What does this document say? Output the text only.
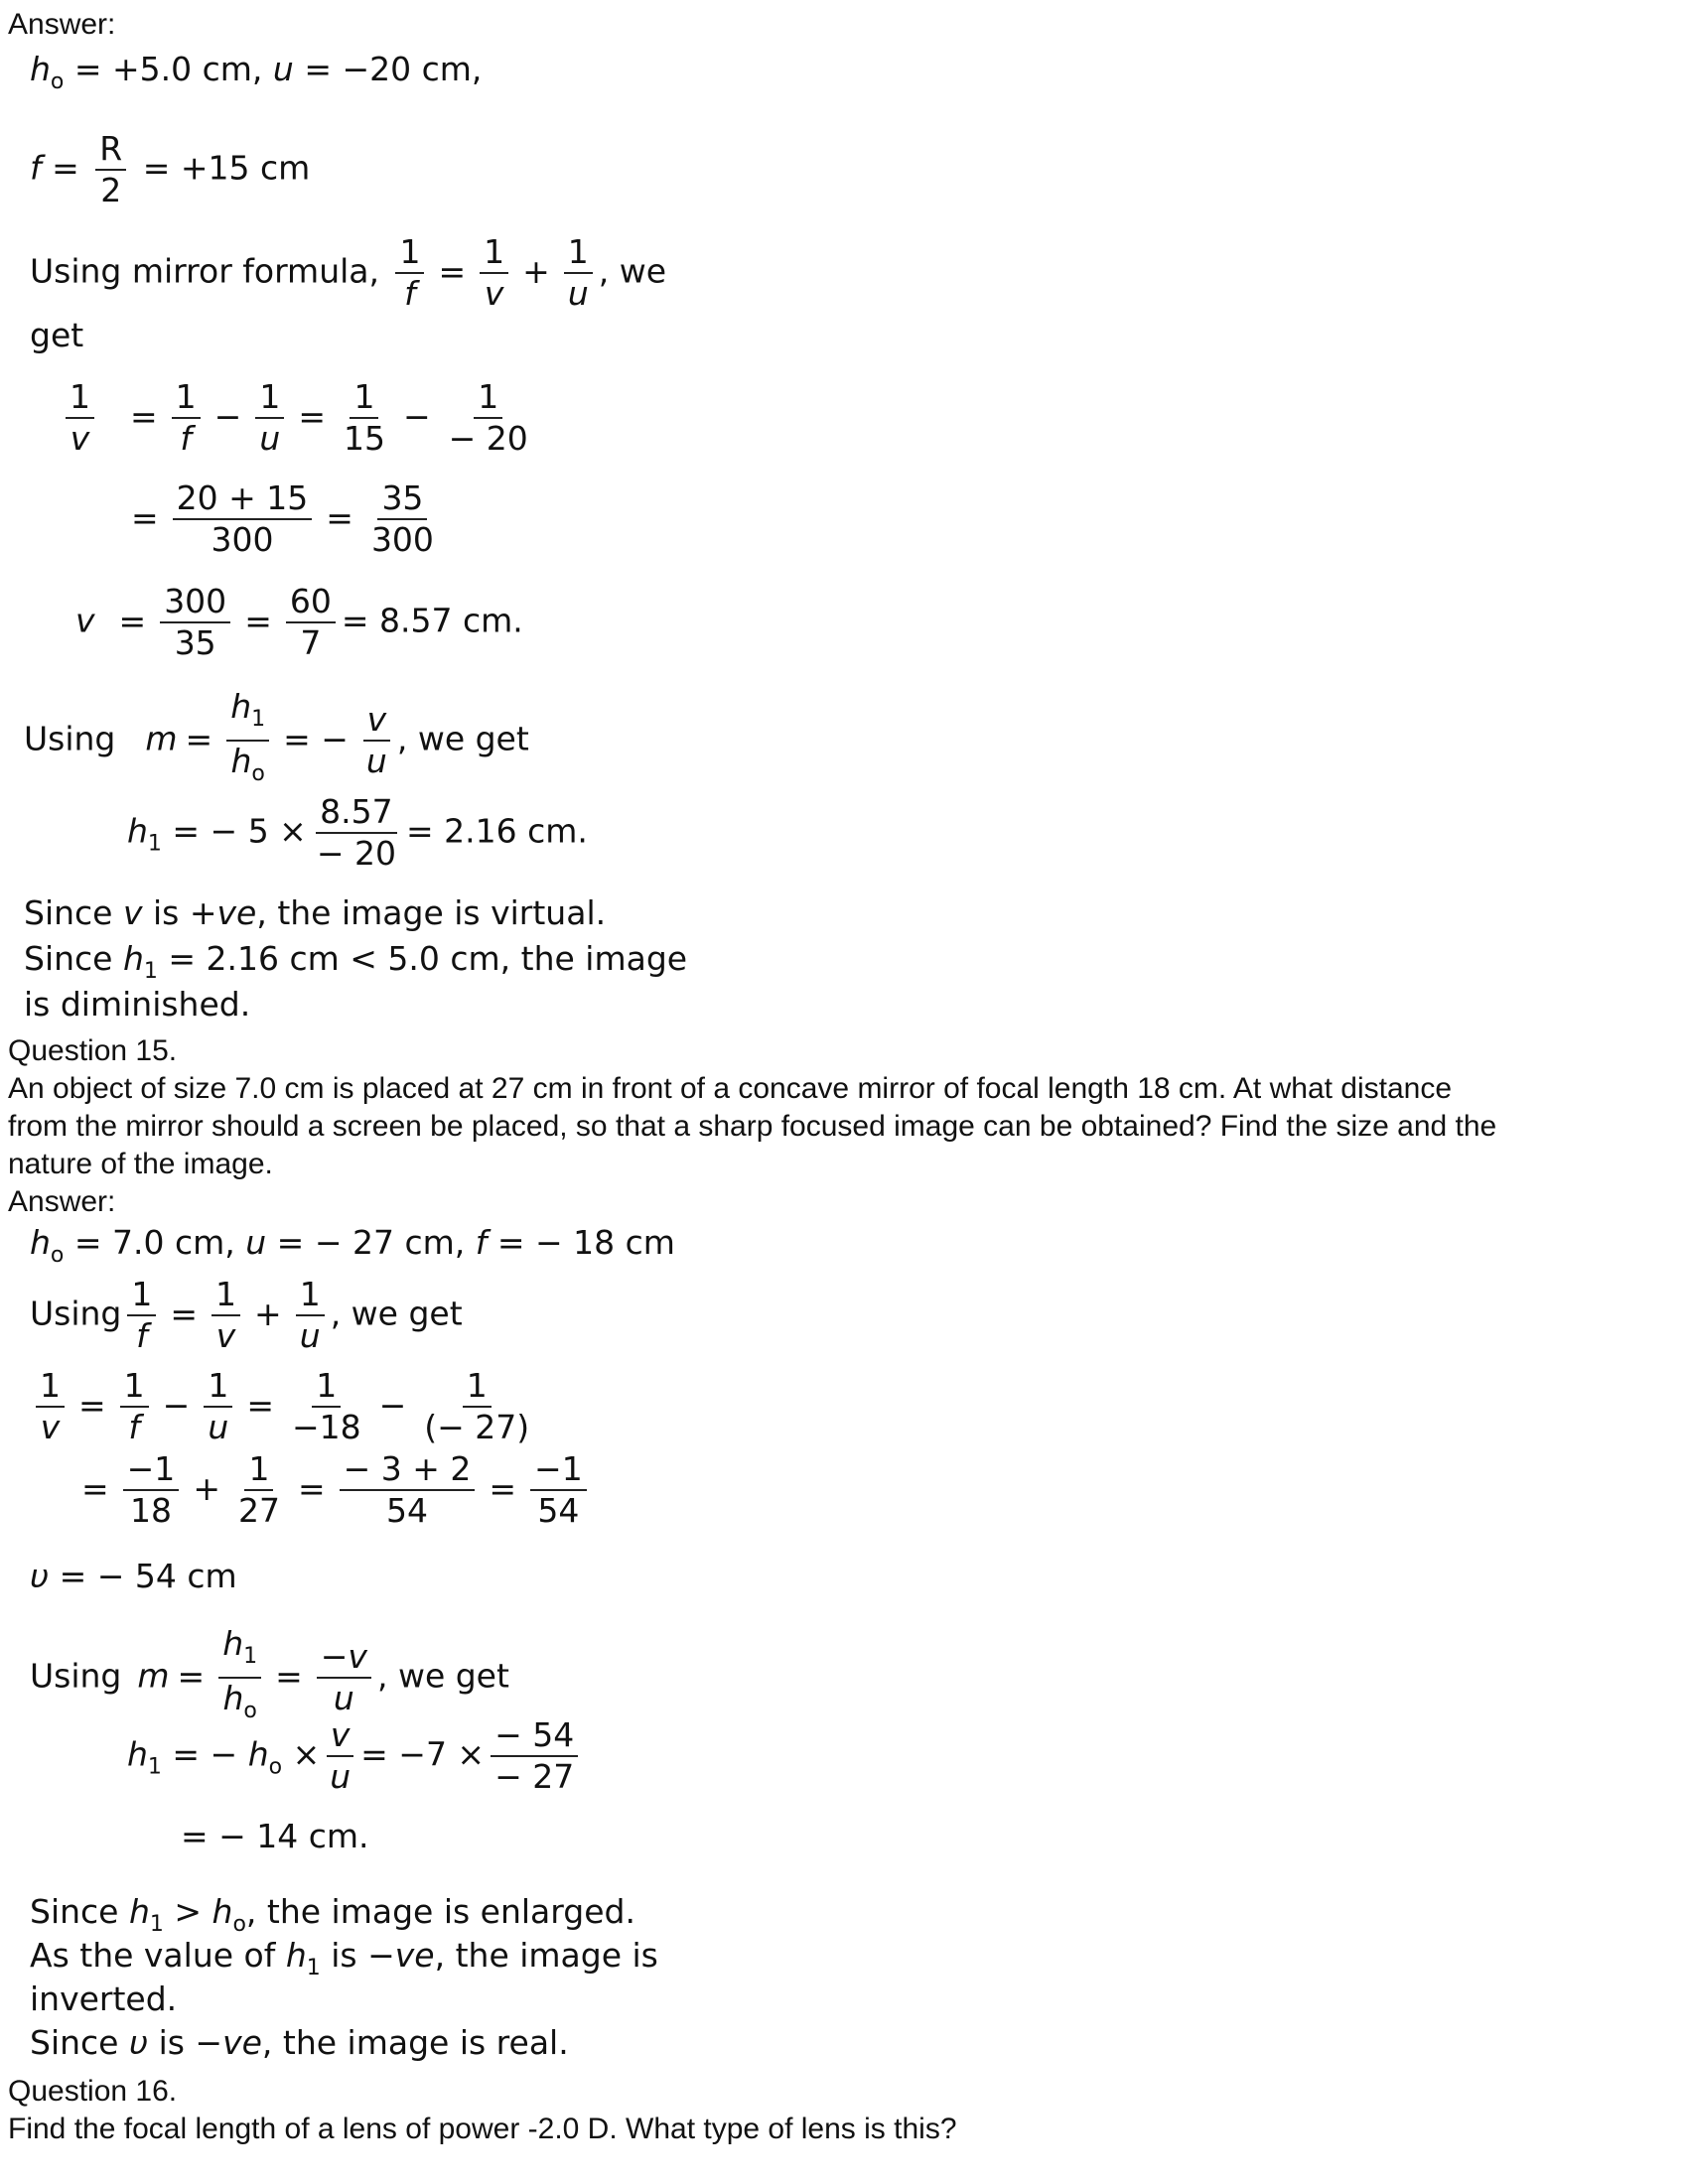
Answer:
$h_o = +5.0$ cm, u = −20 cm,
$f = \frac{R}{2} = +15$ cm
Using mirror formula, $\frac{1}{f} = \frac{1}{v} + \frac{1}{u}$ , we
get
$\frac{1}{v} = \frac{1}{f} - \frac{1}{u} = \frac{1}{15} - \frac{1}{- 20}$
= $\frac{20 + 15}{300} = \frac{35}{300}$
$v = \frac{300}{35} = \frac{60}{7} = 8.57$ cm.
Using $m = \frac{h_1}{h_o}$ = − $\frac{v}{u}$ , we get
$h_1$ = − $5 \times \frac{8.57}{- 20} = 2.16$ cm.
Since v is +ve, the image is virtual.
Since $h_1 = 2.16$ cm < 5.0 cm, the image
is diminished.
Question 15.
An object of size 7.0 cm is placed at 27 cm in front of a concave mirror of focal length 18 cm. At what distance
from the mirror should a screen be placed, so that a sharp focused image can be obtained? Find the size and the
nature of the image.
Answer:
$h_o = 7.0$ cm, u = − 27 cm, f = − 18 cm
Using $\frac{1}{f} = \frac{1}{v} + \frac{1}{u}$ , we get
$\frac{1}{v} = \frac{1}{f} - \frac{1}{u} = \frac{1}{-18} - \frac{1}{(- 27)}$
= $\frac{-1}{18} + \frac{1}{27} = \frac{- 3 + 2}{54} = \frac{-1}{54}$
υ = − 54 cm
Using $m = \frac{h_1}{h_o} = \frac{-v}{u}$ , we get
$h_1$ = − $h_o \times \frac{v}{u} = -7 \times \frac{- 54}{- 27}$
= − 14 cm.
Since $h_1 > h_o$, the image is enlarged.
As the value of $h_1$ is −ve, the image is
inverted.
Since υ is −ve, the image is real.
Question 16.
Find the focal length of a lens of power -2.0 D. What type of lens is this?
